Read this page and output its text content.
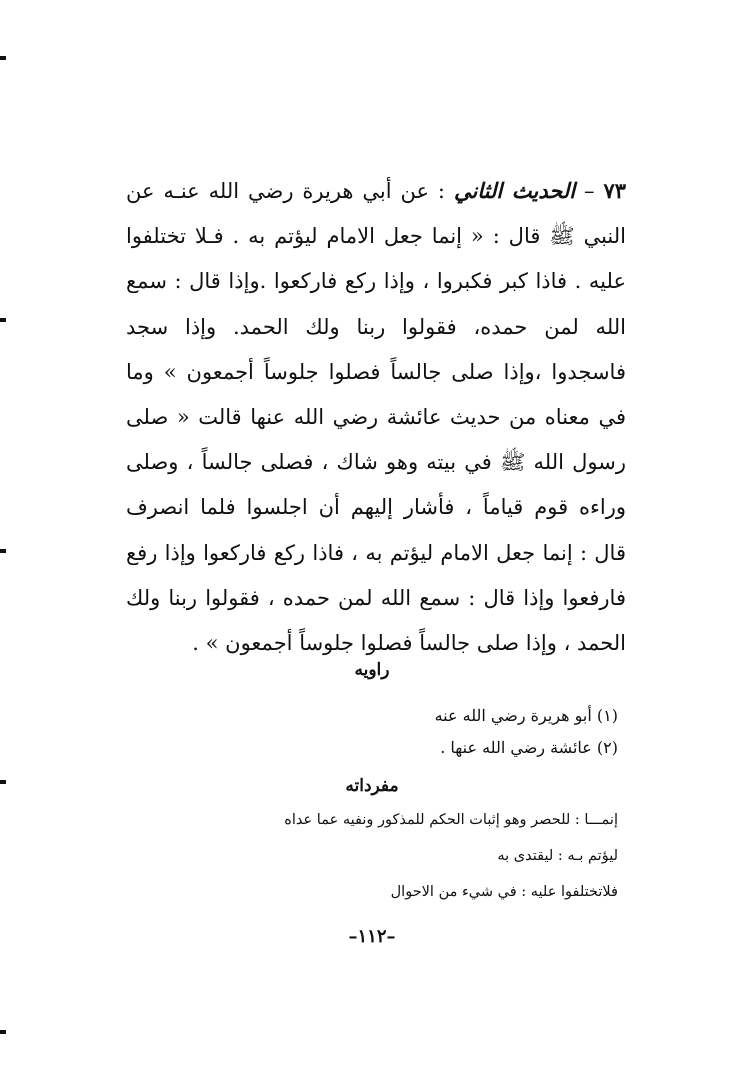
٧٣ – الحديث الثاني : عن أبي هريرة رضي الله عنـه عن النبي ﷺ قال : « إنما جعل الامام ليؤتم به . فـلا تختلفوا عليه . فاذا كبر فكبروا ، وإذا ركع فاركعوا .وإذا قال : سمع الله لمن حمده، فقولوا ربنا ولك الحمد. وإذا سجد فاسجدوا ،وإذا صلى جالساً فصلوا جلوساً أجمعون » وما في معناه من حديث عائشة رضي الله عنها قالت « صلى رسول الله ﷺ في بيته وهو شاك ، فصلى جالساً ، وصلى وراءه قوم قياماً ، فأشار إليهم أن اجلسوا فلما انصرف قال : إنما جعل الامام ليؤتم به ، فاذا ركع فاركعوا وإذا رفع فارفعوا وإذا قال : سمع الله لمن حمده ، فقولوا ربنا ولك الحمد ، وإذا صلى جالساً فصلوا جلوساً أجمعون » .
راويه
(١) أبو هريرة رضي الله عنه
(٢) عائشة رضي الله عنها .
مفرداته
إنمـــا : للحصر وهو إثبات الحكم للمذكور ونفيه عما عداه
ليؤتم بـه : ليقتدى به
فلاتختلفوا عليه : في شيء من الاحوال
–١١٢–
